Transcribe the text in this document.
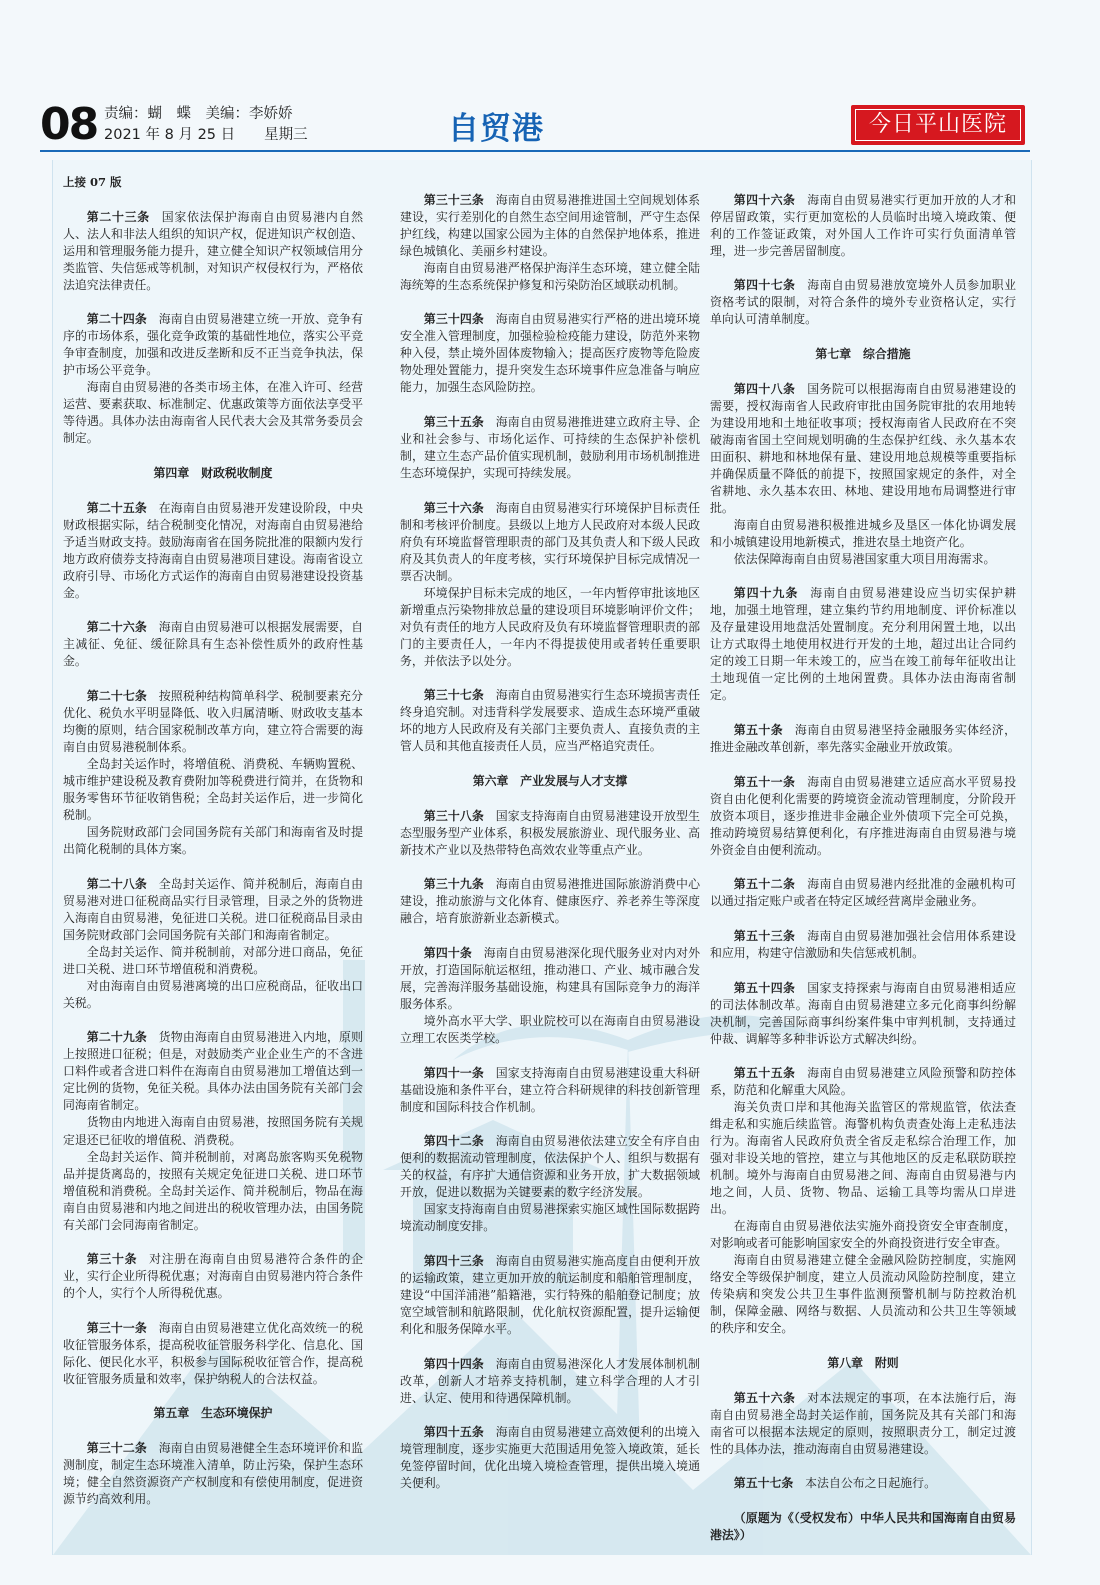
08 责编：蝴　蝶　美编：李娇娇
2021 年 8 月 25 日　　星期三	自贸港	今日平山医院

上接 07 版

第二十三条 国家依法保护海南自由贸易港内自然人、法人和非法人组织的知识产权，促进知识产权创造、运用和管理服务能力提升，建立健全知识产权领域信用分类监管、失信惩戒等机制，对知识产权侵权行为，严格依法追究法律责任。

第二十四条 海南自由贸易港建立统一开放、竞争有序的市场体系，强化竞争政策的基础性地位，落实公平竞争审查制度，加强和改进反垄断和反不正当竞争执法，保护市场公平竞争。

海南自由贸易港的各类市场主体，在准入许可、经营运营、要素获取、标准制定、优惠政策等方面依法享受平等待遇。具体办法由海南省人民代表大会及其常务委员会制定。

第四章　财政税收制度

第二十五条 在海南自由贸易港开发建设阶段，中央财政根据实际，结合税制变化情况，对海南自由贸易港给予适当财政支持。鼓励海南省在国务院批准的限额内发行地方政府债券支持海南自由贸易港项目建设。海南省设立政府引导、市场化方式运作的海南自由贸易港建设投资基金。

第二十六条 海南自由贸易港可以根据发展需要，自主减征、免征、缓征除具有生态补偿性质外的政府性基金。

第二十七条 按照税种结构简单科学、税制要素充分优化、税负水平明显降低、收入归属清晰、财政收支基本均衡的原则，结合国家税制改革方向，建立符合需要的海南自由贸易港税制体系。

全岛封关运作时，将增值税、消费税、车辆购置税、城市维护建设税及教育费附加等税费进行简并，在货物和服务零售环节征收销售税；全岛封关运作后，进一步简化税制。

国务院财政部门会同国务院有关部门和海南省及时提出简化税制的具体方案。

第二十八条 全岛封关运作、简并税制后，海南自由贸易港对进口征税商品实行目录管理，目录之外的货物进入海南自由贸易港，免征进口关税。进口征税商品目录由国务院财政部门会同国务院有关部门和海南省制定。

全岛封关运作、简并税制前，对部分进口商品，免征进口关税、进口环节增值税和消费税。

对由海南自由贸易港离境的出口应税商品，征收出口关税。

第二十九条 货物由海南自由贸易港进入内地，原则上按照进口征税；但是，对鼓励类产业企业生产的不含进口料件或者含进口料件在海南自由贸易港加工增值达到一定比例的货物，免征关税。具体办法由国务院有关部门会同海南省制定。

货物由内地进入海南自由贸易港，按照国务院有关规定退还已征收的增值税、消费税。

全岛封关运作、简并税制前，对离岛旅客购买免税物品并提货离岛的，按照有关规定免征进口关税、进口环节增值税和消费税。全岛封关运作、简并税制后，物品在海南自由贸易港和内地之间进出的税收管理办法，由国务院有关部门会同海南省制定。

第三十条 对注册在海南自由贸易港符合条件的企业，实行企业所得税优惠；对海南自由贸易港内符合条件的个人，实行个人所得税优惠。

第三十一条 海南自由贸易港建立优化高效统一的税收征管服务体系，提高税收征管服务科学化、信息化、国际化、便民化水平，积极参与国际税收征管合作，提高税收征管服务质量和效率，保护纳税人的合法权益。

第五章　生态环境保护

第三十二条 海南自由贸易港健全生态环境评价和监测制度，制定生态环境准入清单，防止污染，保护生态环境；健全自然资源资产产权制度和有偿使用制度，促进资源节约高效利用。

第三十三条 海南自由贸易港推进国土空间规划体系建设，实行差别化的自然生态空间用途管制，严守生态保护红线，构建以国家公园为主体的自然保护地体系，推进绿色城镇化、美丽乡村建设。

海南自由贸易港严格保护海洋生态环境，建立健全陆海统筹的生态系统保护修复和污染防治区域联动机制。

第三十四条 海南自由贸易港实行严格的进出境环境安全准入管理制度，加强检验检疫能力建设，防范外来物种入侵，禁止境外固体废物输入；提高医疗废物等危险废物处理处置能力，提升突发生态环境事件应急准备与响应能力，加强生态风险防控。

第三十五条 海南自由贸易港推进建立政府主导、企业和社会参与、市场化运作、可持续的生态保护补偿机制，建立生态产品价值实现机制，鼓励利用市场机制推进生态环境保护，实现可持续发展。

第三十六条 海南自由贸易港实行环境保护目标责任制和考核评价制度。县级以上地方人民政府对本级人民政府负有环境监督管理职责的部门及其负责人和下级人民政府及其负责人的年度考核，实行环境保护目标完成情况一票否决制。

环境保护目标未完成的地区，一年内暂停审批该地区新增重点污染物排放总量的建设项目环境影响评价文件；对负有责任的地方人民政府及负有环境监督管理职责的部门的主要责任人，一年内不得提拔使用或者转任重要职务，并依法予以处分。

第三十七条 海南自由贸易港实行生态环境损害责任终身追究制。对违背科学发展要求、造成生态环境严重破坏的地方人民政府及有关部门主要负责人、直接负责的主管人员和其他直接责任人员，应当严格追究责任。

第六章　产业发展与人才支撑

第三十八条 国家支持海南自由贸易港建设开放型生态型服务型产业体系，积极发展旅游业、现代服务业、高新技术产业以及热带特色高效农业等重点产业。

第三十九条 海南自由贸易港推进国际旅游消费中心建设，推动旅游与文化体育、健康医疗、养老养生等深度融合，培育旅游新业态新模式。

第四十条 海南自由贸易港深化现代服务业对内对外开放，打造国际航运枢纽，推动港口、产业、城市融合发展，完善海洋服务基础设施，构建具有国际竞争力的海洋服务体系。

境外高水平大学、职业院校可以在海南自由贸易港设立理工农医类学校。

第四十一条 国家支持海南自由贸易港建设重大科研基础设施和条件平台，建立符合科研规律的科技创新管理制度和国际科技合作机制。

第四十二条 海南自由贸易港依法建立安全有序自由便利的数据流动管理制度，依法保护个人、组织与数据有关的权益，有序扩大通信资源和业务开放，扩大数据领域开放，促进以数据为关键要素的数字经济发展。

国家支持海南自由贸易港探索实施区域性国际数据跨境流动制度安排。

第四十三条 海南自由贸易港实施高度自由便利开放的运输政策，建立更加开放的航运制度和船舶管理制度，建设“中国洋浦港”船籍港，实行特殊的船舶登记制度；放宽空域管制和航路限制，优化航权资源配置，提升运输便利化和服务保障水平。

第四十四条 海南自由贸易港深化人才发展体制机制改革，创新人才培养支持机制，建立科学合理的人才引进、认定、使用和待遇保障机制。

第四十五条 海南自由贸易港建立高效便利的出境入境管理制度，逐步实施更大范围适用免签入境政策，延长免签停留时间，优化出境入境检查管理，提供出境入境通关便利。

第四十六条 海南自由贸易港实行更加开放的人才和停居留政策，实行更加宽松的人员临时出境入境政策、便利的工作签证政策，对外国人工作许可实行负面清单管理，进一步完善居留制度。

第四十七条 海南自由贸易港放宽境外人员参加职业资格考试的限制，对符合条件的境外专业资格认定，实行单向认可清单制度。

第七章　综合措施

第四十八条 国务院可以根据海南自由贸易港建设的需要，授权海南省人民政府审批由国务院审批的农用地转为建设用地和土地征收事项；授权海南省人民政府在不突破海南省国土空间规划明确的生态保护红线、永久基本农田面积、耕地和林地保有量、建设用地总规模等重要指标并确保质量不降低的前提下，按照国家规定的条件，对全省耕地、永久基本农田、林地、建设用地布局调整进行审批。

海南自由贸易港积极推进城乡及垦区一体化协调发展和小城镇建设用地新模式，推进农垦土地资产化。

依法保障海南自由贸易港国家重大项目用海需求。

第四十九条 海南自由贸易港建设应当切实保护耕地，加强土地管理，建立集约节约用地制度、评价标准以及存量建设用地盘活处置制度。充分利用闲置土地，以出让方式取得土地使用权进行开发的土地，超过出让合同约定的竣工日期一年未竣工的，应当在竣工前每年征收出让土地现值一定比例的土地闲置费。具体办法由海南省制定。

第五十条 海南自由贸易港坚持金融服务实体经济，推进金融改革创新，率先落实金融业开放政策。

第五十一条 海南自由贸易港建立适应高水平贸易投资自由化便利化需要的跨境资金流动管理制度，分阶段开放资本项目，逐步推进非金融企业外债项下完全可兑换，推动跨境贸易结算便利化，有序推进海南自由贸易港与境外资金自由便利流动。

第五十二条 海南自由贸易港内经批准的金融机构可以通过指定账户或者在特定区域经营离岸金融业务。

第五十三条 海南自由贸易港加强社会信用体系建设和应用，构建守信激励和失信惩戒机制。

第五十四条 国家支持探索与海南自由贸易港相适应的司法体制改革。海南自由贸易港建立多元化商事纠纷解决机制，完善国际商事纠纷案件集中审判机制，支持通过仲裁、调解等多种非诉讼方式解决纠纷。

第五十五条 海南自由贸易港建立风险预警和防控体系，防范和化解重大风险。

海关负责口岸和其他海关监管区的常规监管，依法查缉走私和实施后续监管。海警机构负责查处海上走私违法行为。海南省人民政府负责全省反走私综合治理工作，加强对非设关地的管控，建立与其他地区的反走私联防联控机制。境外与海南自由贸易港之间、海南自由贸易港与内地之间，人员、货物、物品、运输工具等均需从口岸进出。

在海南自由贸易港依法实施外商投资安全审查制度，对影响或者可能影响国家安全的外商投资进行安全审查。

海南自由贸易港建立健全金融风险防控制度，实施网络安全等级保护制度，建立人员流动风险防控制度，建立传染病和突发公共卫生事件监测预警机制与防控救治机制，保障金融、网络与数据、人员流动和公共卫生等领域的秩序和安全。

第八章　附则

第五十六条 对本法规定的事项，在本法施行后，海南自由贸易港全岛封关运作前，国务院及其有关部门和海南省可以根据本法规定的原则，按照职责分工，制定过渡性的具体办法，推动海南自由贸易港建设。

第五十七条 本法自公布之日起施行。

（原题为《（受权发布）中华人民共和国海南自由贸易港法》）
